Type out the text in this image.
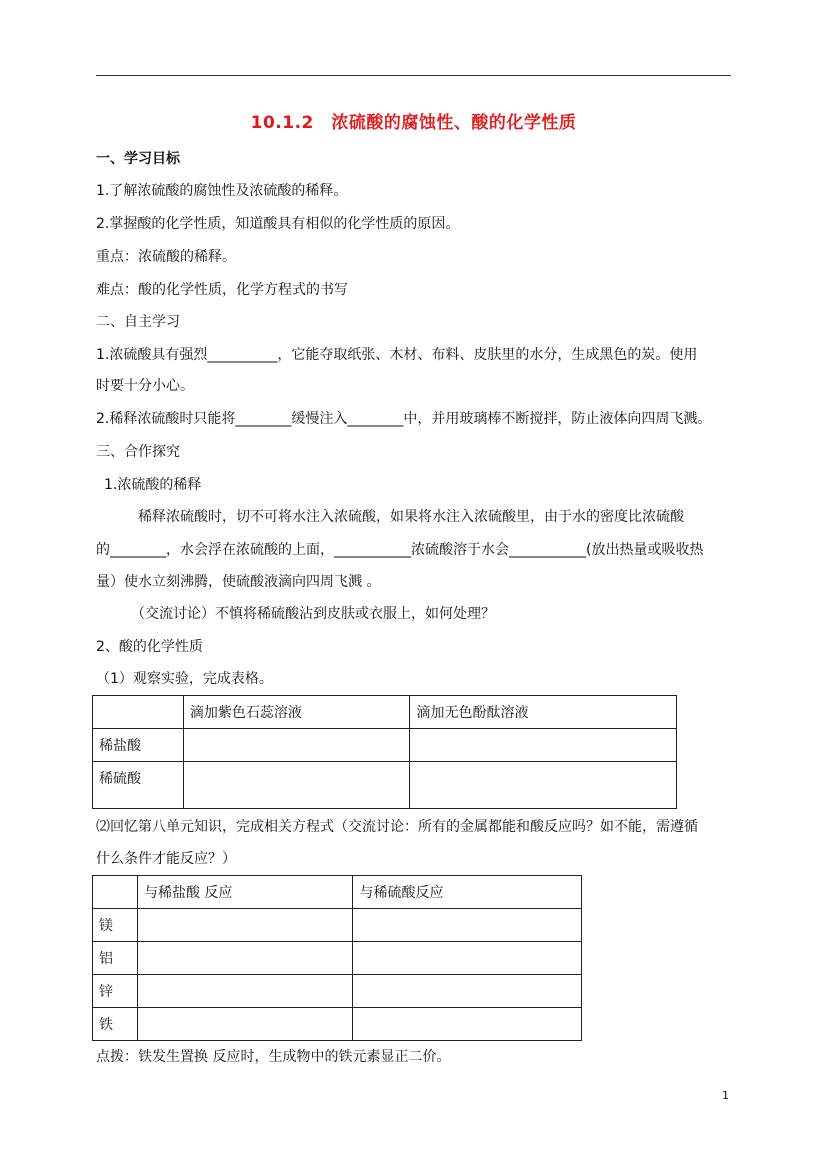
10.1.2　浓硫酸的腐蚀性、酸的化学性质
一、学习目标
1.了解浓硫酸的腐蚀性及浓硫酸的稀释。
2.掌握酸的化学性质，知道酸具有相似的化学性质的原因。
重点：浓硫酸的稀释。
难点：酸的化学性质，化学方程式的书写
二、自主学习
1.浓硫酸具有强烈__________，它能夺取纸张、木材、布料、皮肤里的水分，生成黑色的炭。使用
时要十分小心。
2.稀释浓硫酸时只能将________缓慢注入________中，并用玻璃棒不断搅拌，防止液体向四周飞溅。
三、合作探究
1.浓硫酸的稀释
稀释浓硫酸时，切不可将水注入浓硫酸，如果将水注入浓硫酸里，由于水的密度比浓硫酸
的________，水会浮在浓硫酸的上面，___________浓硫酸溶于水会___________(放出热量或吸收热
量）使水立刻沸腾，使硫酸液滴向四周飞溅 。
（交流讨论）不慎将稀硫酸沾到皮肤或衣服上，如何处理？
2、酸的化学性质
（1）观察实验，完成表格。
	滴加紫色石蕊溶液	滴加无色酚酞溶液
稀盐酸		
稀硫酸		
⑵回忆第八单元知识，完成相关方程式（交流讨论：所有的金属都能和酸反应吗？如不能，需遵循
什么条件才能反应？）
	与稀盐酸 反应	与稀硫酸反应
镁		
铝		
锌		
铁		
点拨：铁发生置换 反应时，生成物中的铁元素显正二价。
1
